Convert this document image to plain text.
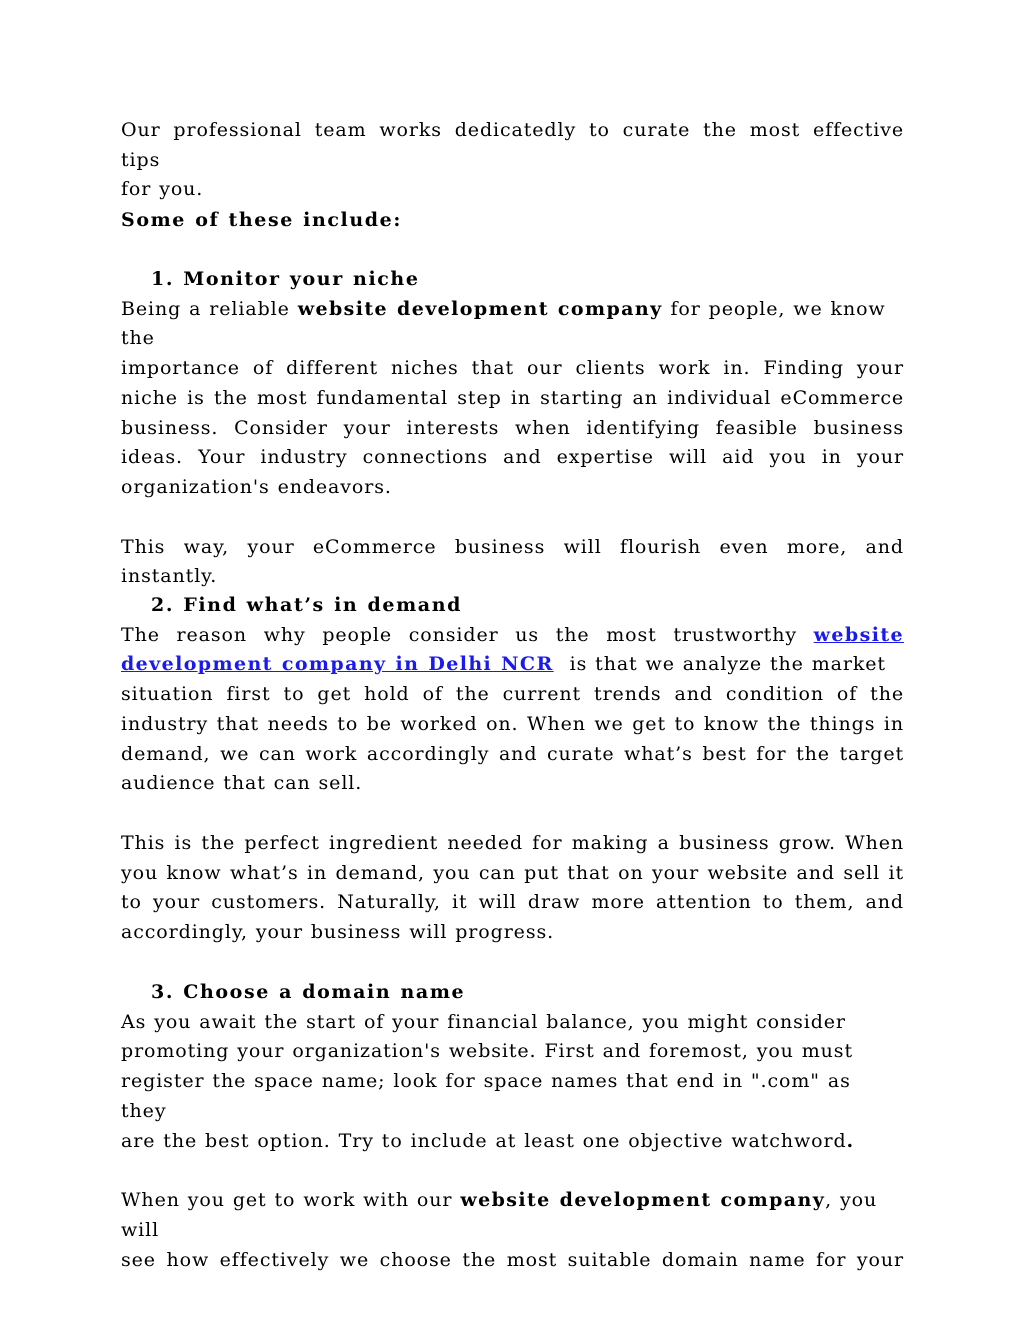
Our professional team works dedicatedly to curate the most effective tips

for you.

Some of these include:

1. Monitor your niche

Being a reliable website development company for people, we know the

importance of different niches that our clients work in. Finding your

niche is the most fundamental step in starting an individual eCommerce

business. Consider your interests when identifying feasible business

ideas. Your industry connections and expertise will aid you in your

organization's endeavors.

This way, your eCommerce business will flourish even more, and

instantly.

2. Find what’s in demand

The reason why people consider us the most trustworthy website

development company in Delhi NCR is that we analyze the market

situation first to get hold of the current trends and condition of the

industry that needs to be worked on. When we get to know the things in

demand, we can work accordingly and curate what’s best for the target

audience that can sell.

This is the perfect ingredient needed for making a business grow. When

you know what’s in demand, you can put that on your website and sell it

to your customers. Naturally, it will draw more attention to them, and

accordingly, your business will progress.

3. Choose a domain name

As you await the start of your financial balance, you might consider

promoting your organization's website. First and foremost, you must

register the space name; look for space names that end in ".com" as they

are the best option. Try to include at least one objective watchword.

When you get to work with our website development company, you will

see how effectively we choose the most suitable domain name for your
